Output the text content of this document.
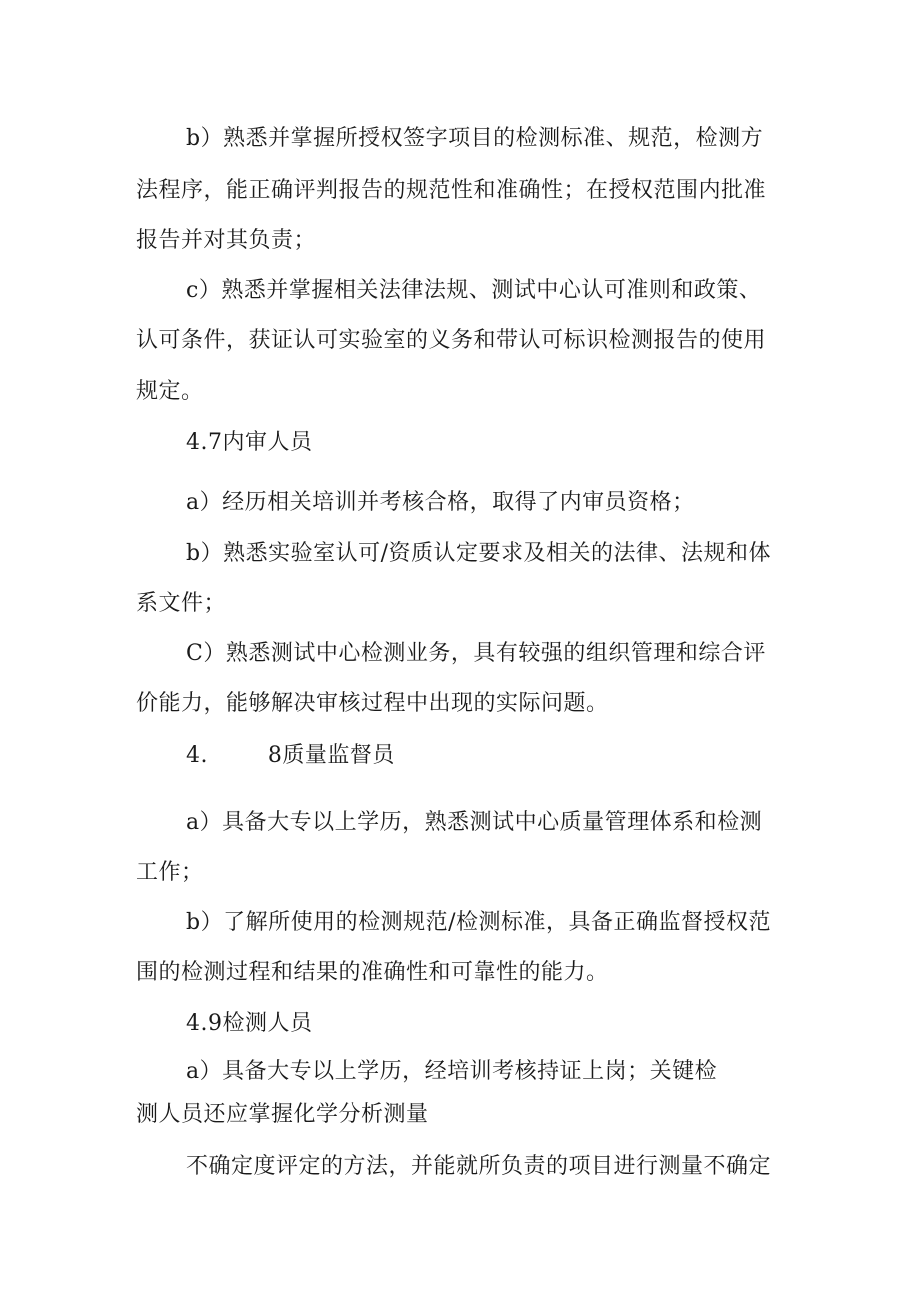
b）熟悉并掌握所授权签字项目的检测标准、规范，检测方
法程序，能正确评判报告的规范性和准确性；在授权范围内批准
报告并对其负责；
c）熟悉并掌握相关法律法规、测试中心认可准则和政策、
认可条件，获证认可实验室的义务和带认可标识检测报告的使用
规定。
4.7内审人员
a）经历相关培训并考核合格，取得了内审员资格；
b）熟悉实验室认可/资质认定要求及相关的法律、法规和体
系文件；
C）熟悉测试中心检测业务，具有较强的组织管理和综合评
价能力，能够解决审核过程中出现的实际问题。
4.        8质量监督员
a）具备大专以上学历，熟悉测试中心质量管理体系和检测
工作；
b）了解所使用的检测规范/检测标准，具备正确监督授权范
围的检测过程和结果的准确性和可靠性的能力。
4.9检测人员
a）具备大专以上学历，经培训考核持证上岗；关键检
测人员还应掌握化学分析测量
不确定度评定的方法，并能就所负责的项目进行测量不确定
